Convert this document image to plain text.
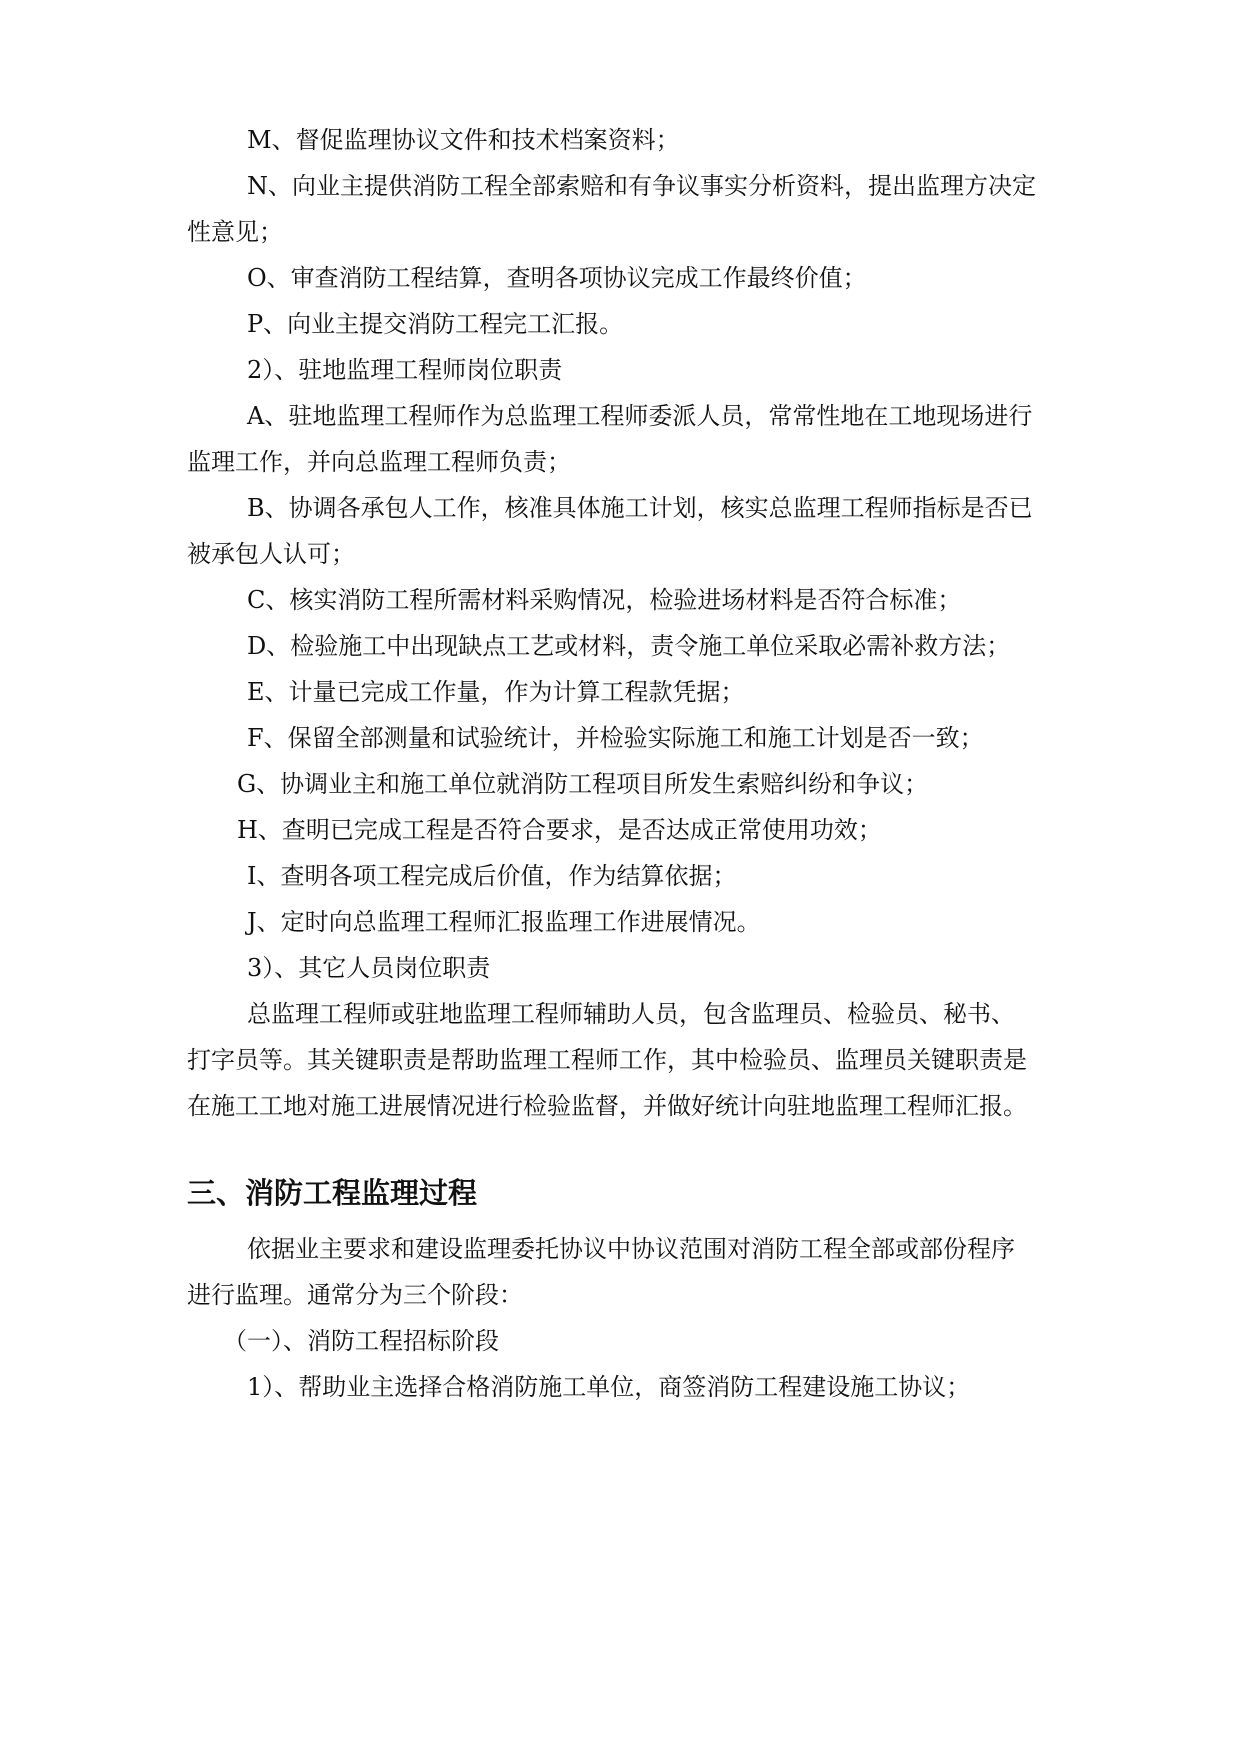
M、督促监理协议文件和技术档案资料；
N、向业主提供消防工程全部索赔和有争议事实分析资料，提出监理方决定
性意见；
O、审查消防工程结算，查明各项协议完成工作最终价值；
P、向业主提交消防工程完工汇报。
2）、驻地监理工程师岗位职责
A、驻地监理工程师作为总监理工程师委派人员，常常性地在工地现场进行
监理工作，并向总监理工程师负责；
B、协调各承包人工作，核准具体施工计划，核实总监理工程师指标是否已
被承包人认可；
C、核实消防工程所需材料采购情况，检验进场材料是否符合标准；
D、检验施工中出现缺点工艺或材料，责令施工单位采取必需补救方法；
E、计量已完成工作量，作为计算工程款凭据；
F、保留全部测量和试验统计，并检验实际施工和施工计划是否一致；
G、协调业主和施工单位就消防工程项目所发生索赔纠纷和争议；
H、查明已完成工程是否符合要求，是否达成正常使用功效；
I、查明各项工程完成后价值，作为结算依据；
J、定时向总监理工程师汇报监理工作进展情况。
3）、其它人员岗位职责
总监理工程师或驻地监理工程师辅助人员，包含监理员、检验员、秘书、
打字员等。其关键职责是帮助监理工程师工作，其中检验员、监理员关键职责是
在施工工地对施工进展情况进行检验监督，并做好统计向驻地监理工程师汇报。
三、消防工程监理过程
依据业主要求和建设监理委托协议中协议范围对消防工程全部或部份程序
进行监理。通常分为三个阶段：
（一）、消防工程招标阶段
1）、帮助业主选择合格消防施工单位，商签消防工程建设施工协议；
